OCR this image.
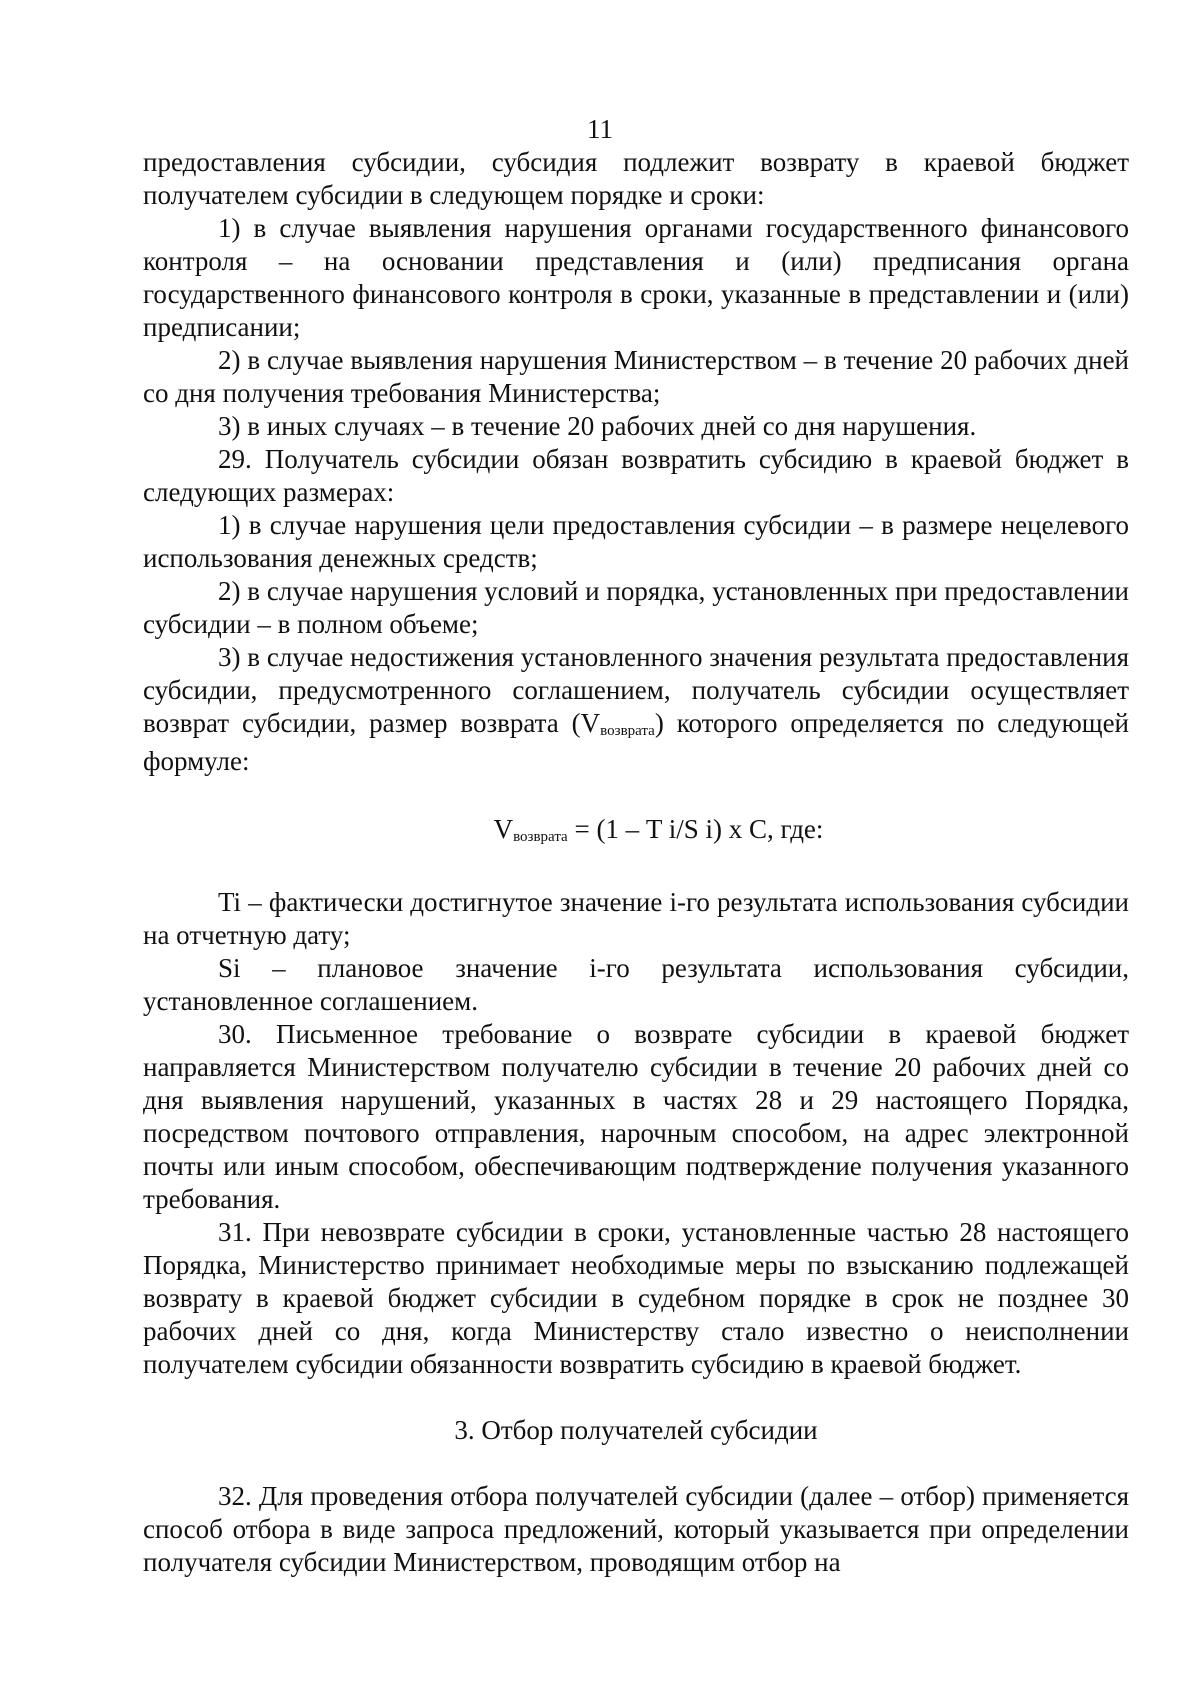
11

предоставления субсидии, субсидия подлежит возврату в краевой бюджет получателем субсидии в следующем порядке и сроки:

1) в случае выявления нарушения органами государственного финансового контроля – на основании представления и (или) предписания органа государственного финансового контроля в сроки, указанные в представлении и (или) предписании;

2) в случае выявления нарушения Министерством – в течение 20 рабочих дней со дня получения требования Министерства;

3) в иных случаях – в течение 20 рабочих дней со дня нарушения.

29. Получатель субсидии обязан возвратить субсидию в краевой бюджет в следующих размерах:

1) в случае нарушения цели предоставления субсидии – в размере нецелевого использования денежных средств;

2) в случае нарушения условий и порядка, установленных при предоставлении субсидии – в полном объеме;

3) в случае недостижения установленного значения результата предоставления субсидии, предусмотренного соглашением, получатель субсидии осуществляет возврат субсидии, размер возврата $(V_{возврата})$ которого определяется по следующей формуле:

$V_{возврата} = (1 - T$ i/S i) x C, где:

Ti – фактически достигнутое значение i-го результата использования субсидии на отчетную дату;

Si – плановое значение i-го результата использования субсидии, установленное соглашением.

30. Письменное требование о возврате субсидии в краевой бюджет направляется Министерством получателю субсидии в течение 20 рабочих дней со дня выявления нарушений, указанных в частях 28 и 29 настоящего Порядка, посредством почтового отправления, нарочным способом, на адрес электронной почты или иным способом, обеспечивающим подтверждение получения указанного требования.

31. При невозврате субсидии в сроки, установленные частью 28 настоящего Порядка, Министерство принимает необходимые меры по взысканию подлежащей возврату в краевой бюджет субсидии в судебном порядке в срок не позднее 30 рабочих дней со дня, когда Министерству стало известно о неисполнении получателем субсидии обязанности возвратить субсидию в краевой бюджет.

3. Отбор получателей субсидии

32. Для проведения отбора получателей субсидии (далее – отбор) применяется способ отбора в виде запроса предложений, который указывается при определении получателя субсидии Министерством, проводящим отбор на
